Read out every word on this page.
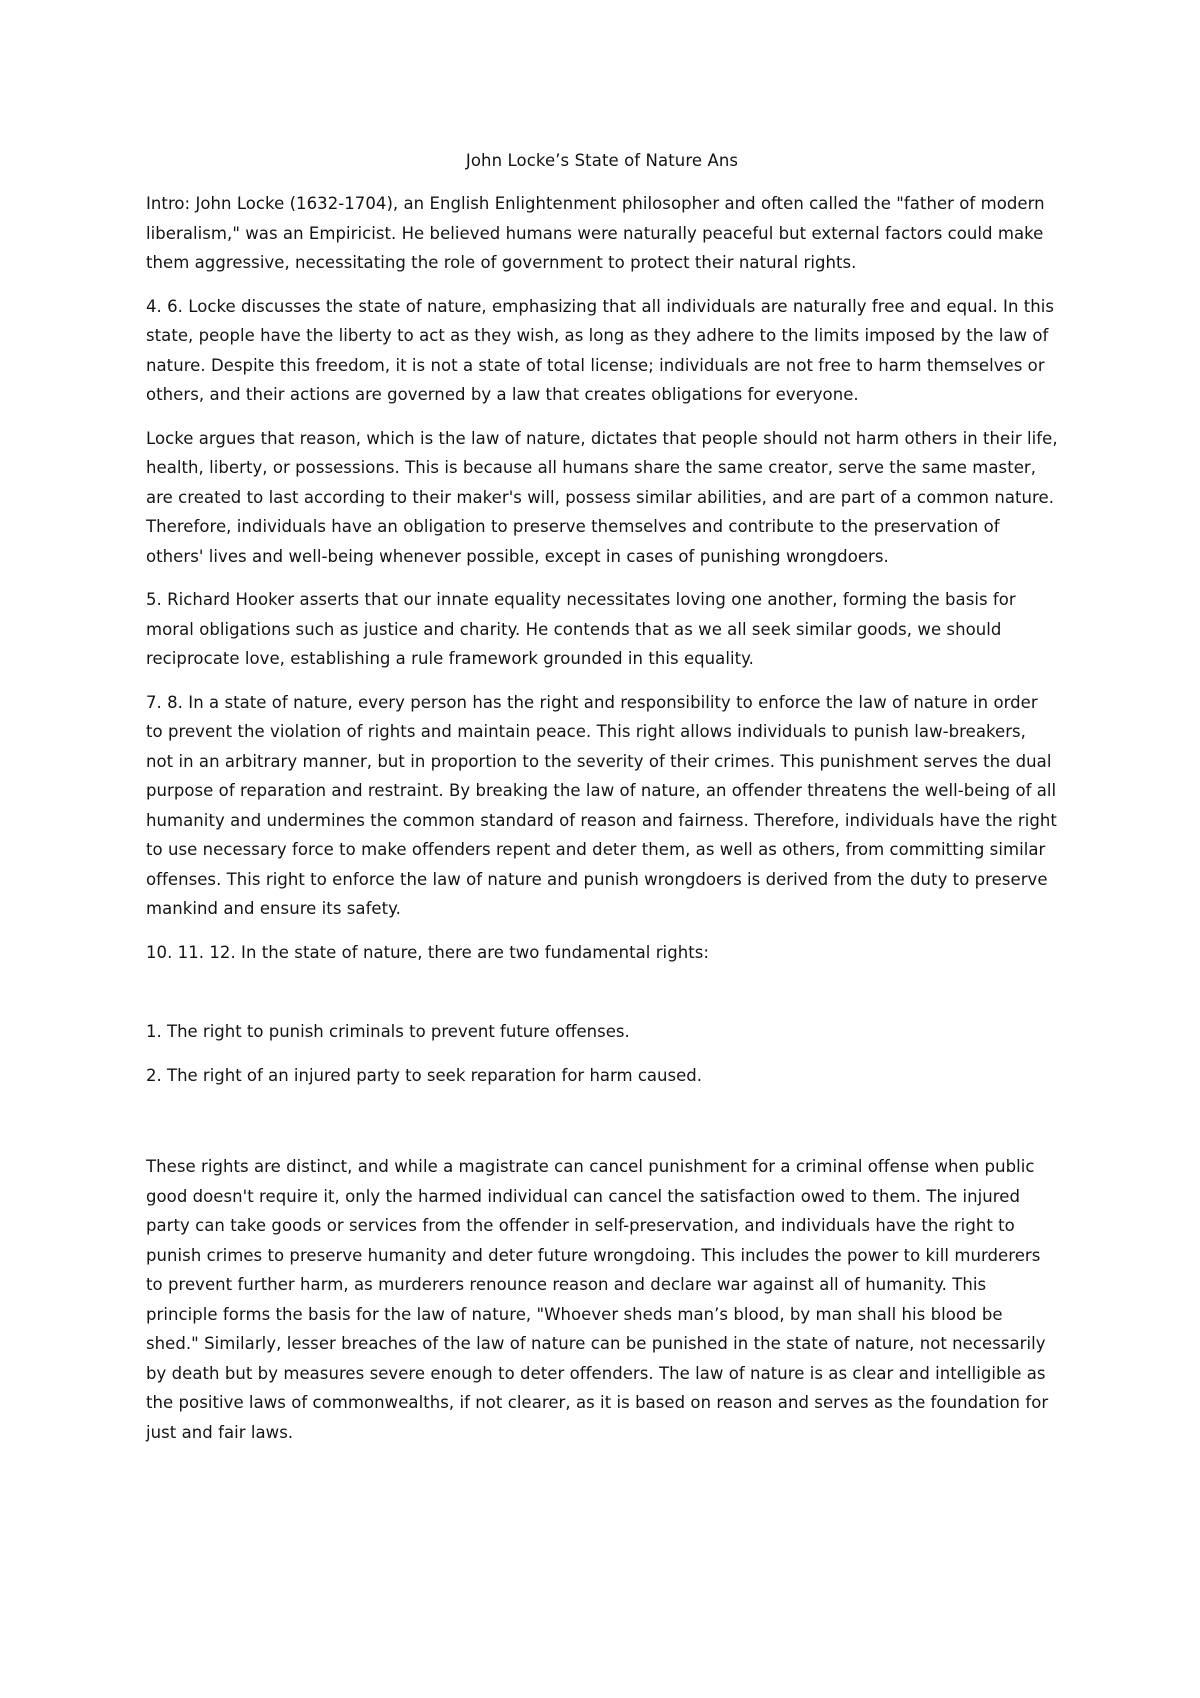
John Locke’s State of Nature Ans

Intro: John Locke (1632-1704), an English Enlightenment philosopher and often called the "father of modern liberalism," was an Empiricist. He believed humans were naturally peaceful but external factors could make them aggressive, necessitating the role of government to protect their natural rights.

4. 6. Locke discusses the state of nature, emphasizing that all individuals are naturally free and equal. In this state, people have the liberty to act as they wish, as long as they adhere to the limits imposed by the law of nature. Despite this freedom, it is not a state of total license; individuals are not free to harm themselves or others, and their actions are governed by a law that creates obligations for everyone.

Locke argues that reason, which is the law of nature, dictates that people should not harm others in their life, health, liberty, or possessions. This is because all humans share the same creator, serve the same master, are created to last according to their maker's will, possess similar abilities, and are part of a common nature. Therefore, individuals have an obligation to preserve themselves and contribute to the preservation of others' lives and well-being whenever possible, except in cases of punishing wrongdoers.

5. Richard Hooker asserts that our innate equality necessitates loving one another, forming the basis for moral obligations such as justice and charity. He contends that as we all seek similar goods, we should reciprocate love, establishing a rule framework grounded in this equality.

7. 8. In a state of nature, every person has the right and responsibility to enforce the law of nature in order to prevent the violation of rights and maintain peace. This right allows individuals to punish law-breakers, not in an arbitrary manner, but in proportion to the severity of their crimes. This punishment serves the dual purpose of reparation and restraint. By breaking the law of nature, an offender threatens the well-being of all humanity and undermines the common standard of reason and fairness. Therefore, individuals have the right to use necessary force to make offenders repent and deter them, as well as others, from committing similar offenses. This right to enforce the law of nature and punish wrongdoers is derived from the duty to preserve mankind and ensure its safety.

10. 11. 12. In the state of nature, there are two fundamental rights:

1. The right to punish criminals to prevent future offenses.

2. The right of an injured party to seek reparation for harm caused.

These rights are distinct, and while a magistrate can cancel punishment for a criminal offense when public good doesn't require it, only the harmed individual can cancel the satisfaction owed to them. The injured party can take goods or services from the offender in self-preservation, and individuals have the right to punish crimes to preserve humanity and deter future wrongdoing. This includes the power to kill murderers to prevent further harm, as murderers renounce reason and declare war against all of humanity. This principle forms the basis for the law of nature, "Whoever sheds man’s blood, by man shall his blood be shed." Similarly, lesser breaches of the law of nature can be punished in the state of nature, not necessarily by death but by measures severe enough to deter offenders. The law of nature is as clear and intelligible as the positive laws of commonwealths, if not clearer, as it is based on reason and serves as the foundation for just and fair laws.
